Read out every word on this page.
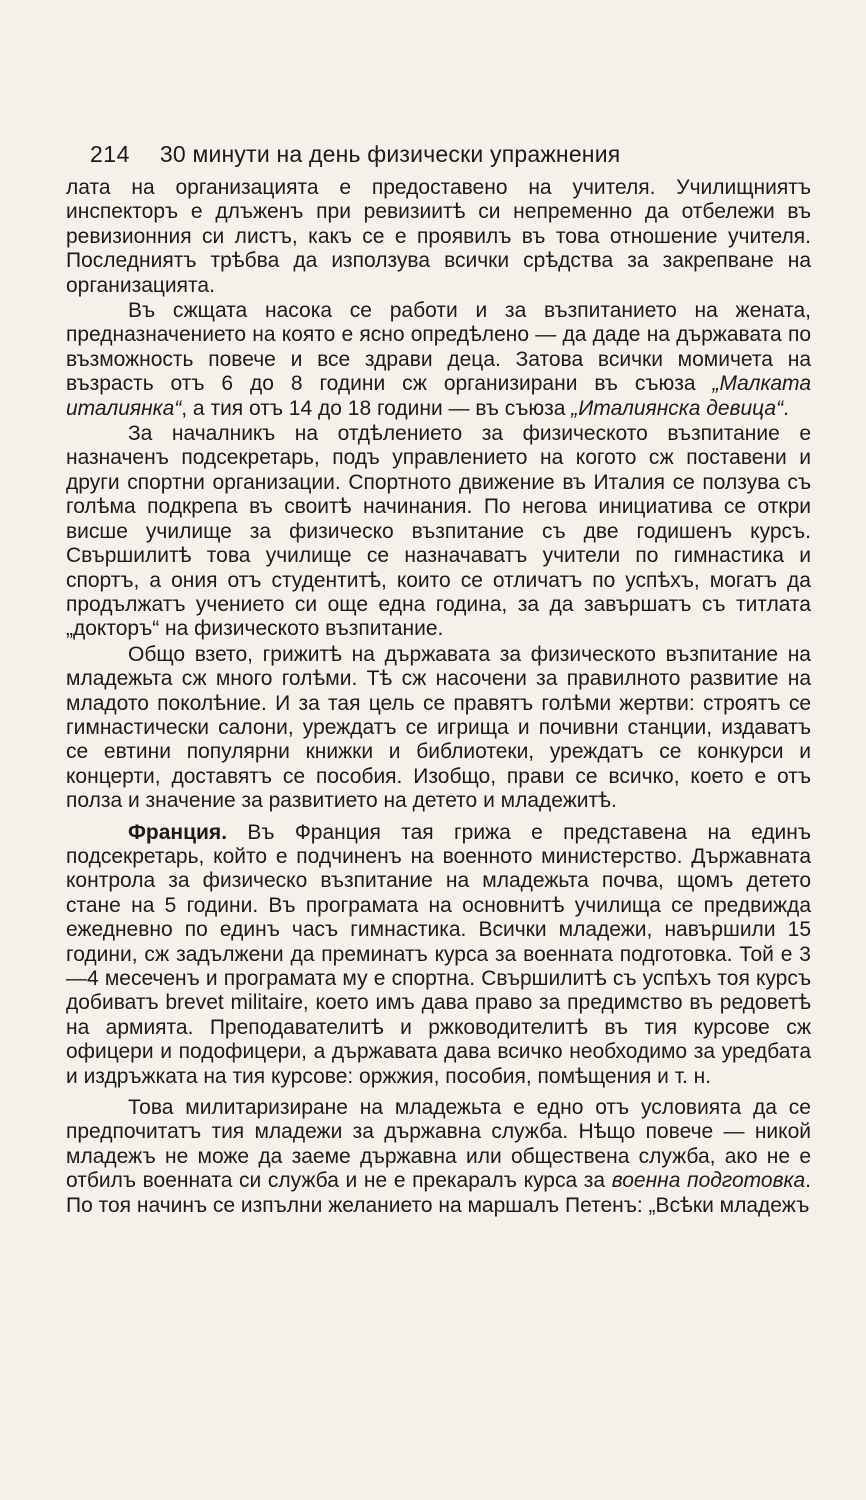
214 30 минути на день физически упражнения

лата на организацията е предоставено на учителя. Училищниятъ инспекторъ е длъженъ при ревизиитѣ си непременно да отбележи въ ревизионния си листъ, какъ се е проявилъ въ това отношение учителя. Последниятъ трѣбва да използува всички срѣдства за закрепване на организацията.

Въ сжщата насока се работи и за възпитанието на жената, предназначението на която е ясно опредѣлено — да даде на държавата по възможность повече и все здрави деца. Затова всички момичета на възрасть отъ 6 до 8 години сж организирани въ съюза „Малката италиянка“, а тия отъ 14 до 18 години — въ съюза „Италиянска девица“.

За началникъ на отдѣлението за физическото възпитание е назначенъ подсекретарь, подъ управлението на когото сж поставени и други спортни организации. Спортното движение въ Италия се ползува съ голѣма подкрепа въ своитѣ начинания. По негова инициатива се откри висше училище за физическо възпитание съ две годишенъ курсъ. Свършилитѣ това училище се назначаватъ учители по гимнастика и спортъ, а ония отъ студентитѣ, които се отличатъ по успѣхъ, могатъ да продължатъ учението си още една година, за да завършатъ съ титлата „докторъ“ на физическото възпитание.

Общо взето, грижитѣ на държавата за физическото възпитание на младежьта сж много голѣми. Тѣ сж насочени за правилното развитие на младото поколѣние. И за тая цель се правятъ голѣми жертви: строятъ се гимнастически салони, уреждатъ се игрища и почивни станции, издаватъ се евтини популярни книжки и библиотеки, уреждатъ се конкурси и концерти, доставятъ се пособия. Изобщо, прави се всичко, което е отъ полза и значение за развитието на детето и младежитѣ.

Франция. Въ Франция тая грижа е представена на единъ подсекретарь, който е подчиненъ на военното министерство. Държавната контрола за физическо възпитание на младежьта почва, щомъ детето стане на 5 години. Въ програмата на основнитѣ училища се предвижда ежедневно по единъ часъ гимнастика. Всички младежи, навършили 15 години, сж задължени да преминатъ курса за военната подготовка. Той е 3—4 месеченъ и програмата му е спортна. Свършилитѣ съ успѣхъ тоя курсъ добиватъ brevet militaire, което имъ дава право за предимство въ редоветѣ на армията. Преподавателитѣ и ржководителитѣ въ тия курсове сж офицери и подофицери, а държавата дава всичко необходимо за уредбата и издръжката на тия курсове: оржжия, пособия, помѣщения и т. н.

Това милитаризиране на младежьта е едно отъ условията да се предпочитатъ тия младежи за държавна служба. Нѣщо повече — никой младежъ не може да заеме държавна или обществена служба, ако не е отбилъ военната си служба и не е прекаралъ курса за военна подготовка. По тоя начинъ се изпълни желанието на маршалъ Петенъ: „Всѣки младежъ
